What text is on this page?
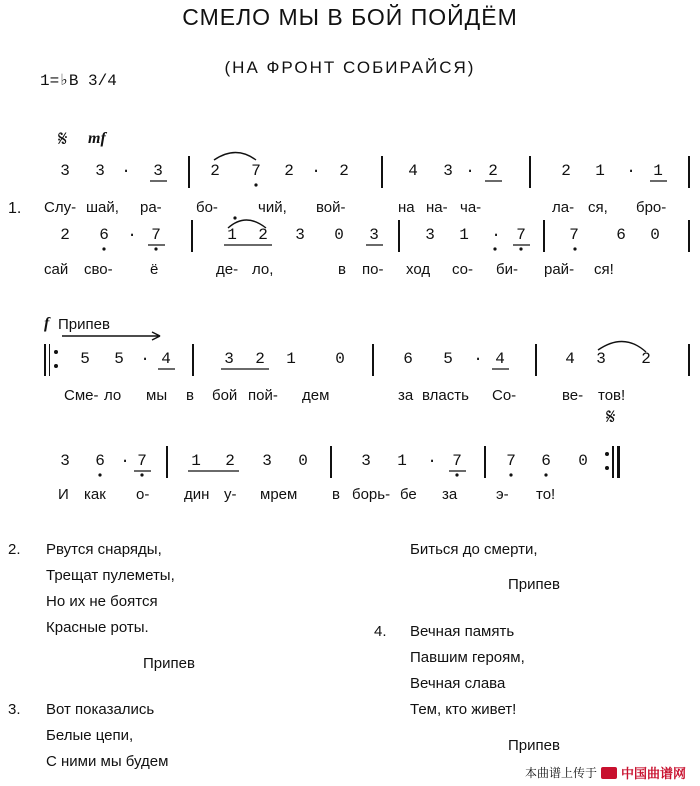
СМЕЛО МЫ В БОЙ ПОЙДЁМ
(НА ФРОНТ СОБИРАЙСЯ)
1=♭B 3/4
𝄋 mf
1.
f Припев
𝄋
3 3 · 3	2 7 2 · 2	4 3 · 2	2 1 · 1
Слу- шай, ра- бо-	чий, вой-	на на- ча-	ла- ся, бро-
2 6 · 7	1 2 3 0 3	3 1 · 7	7 6 0
сай сво- ё	де- ло,	в по- ход со- би- рай- ся!
5 5 · 4	3 2 1 0	6 5 · 4	4 3 2
Сме- ло мы в бой пой- дем	за власть Со-	ве- тов!
3 6 · 7	1 2 3 0	3 1 · 7	7 6 0
И как о- дин у- мрем в борь- бе за	э- то!
2. Рвутся снаряды,
Трещат пулеметы,
Но их не боятся
Красные роты.
Припев
3. Вот показались
Белые цепи,
С ними мы будем
Биться до смерти,
Припев
4. Вечная память
Павшим героям,
Вечная слава
Тем, кто живет!
Припев
本曲谱上传于 中国曲谱网
